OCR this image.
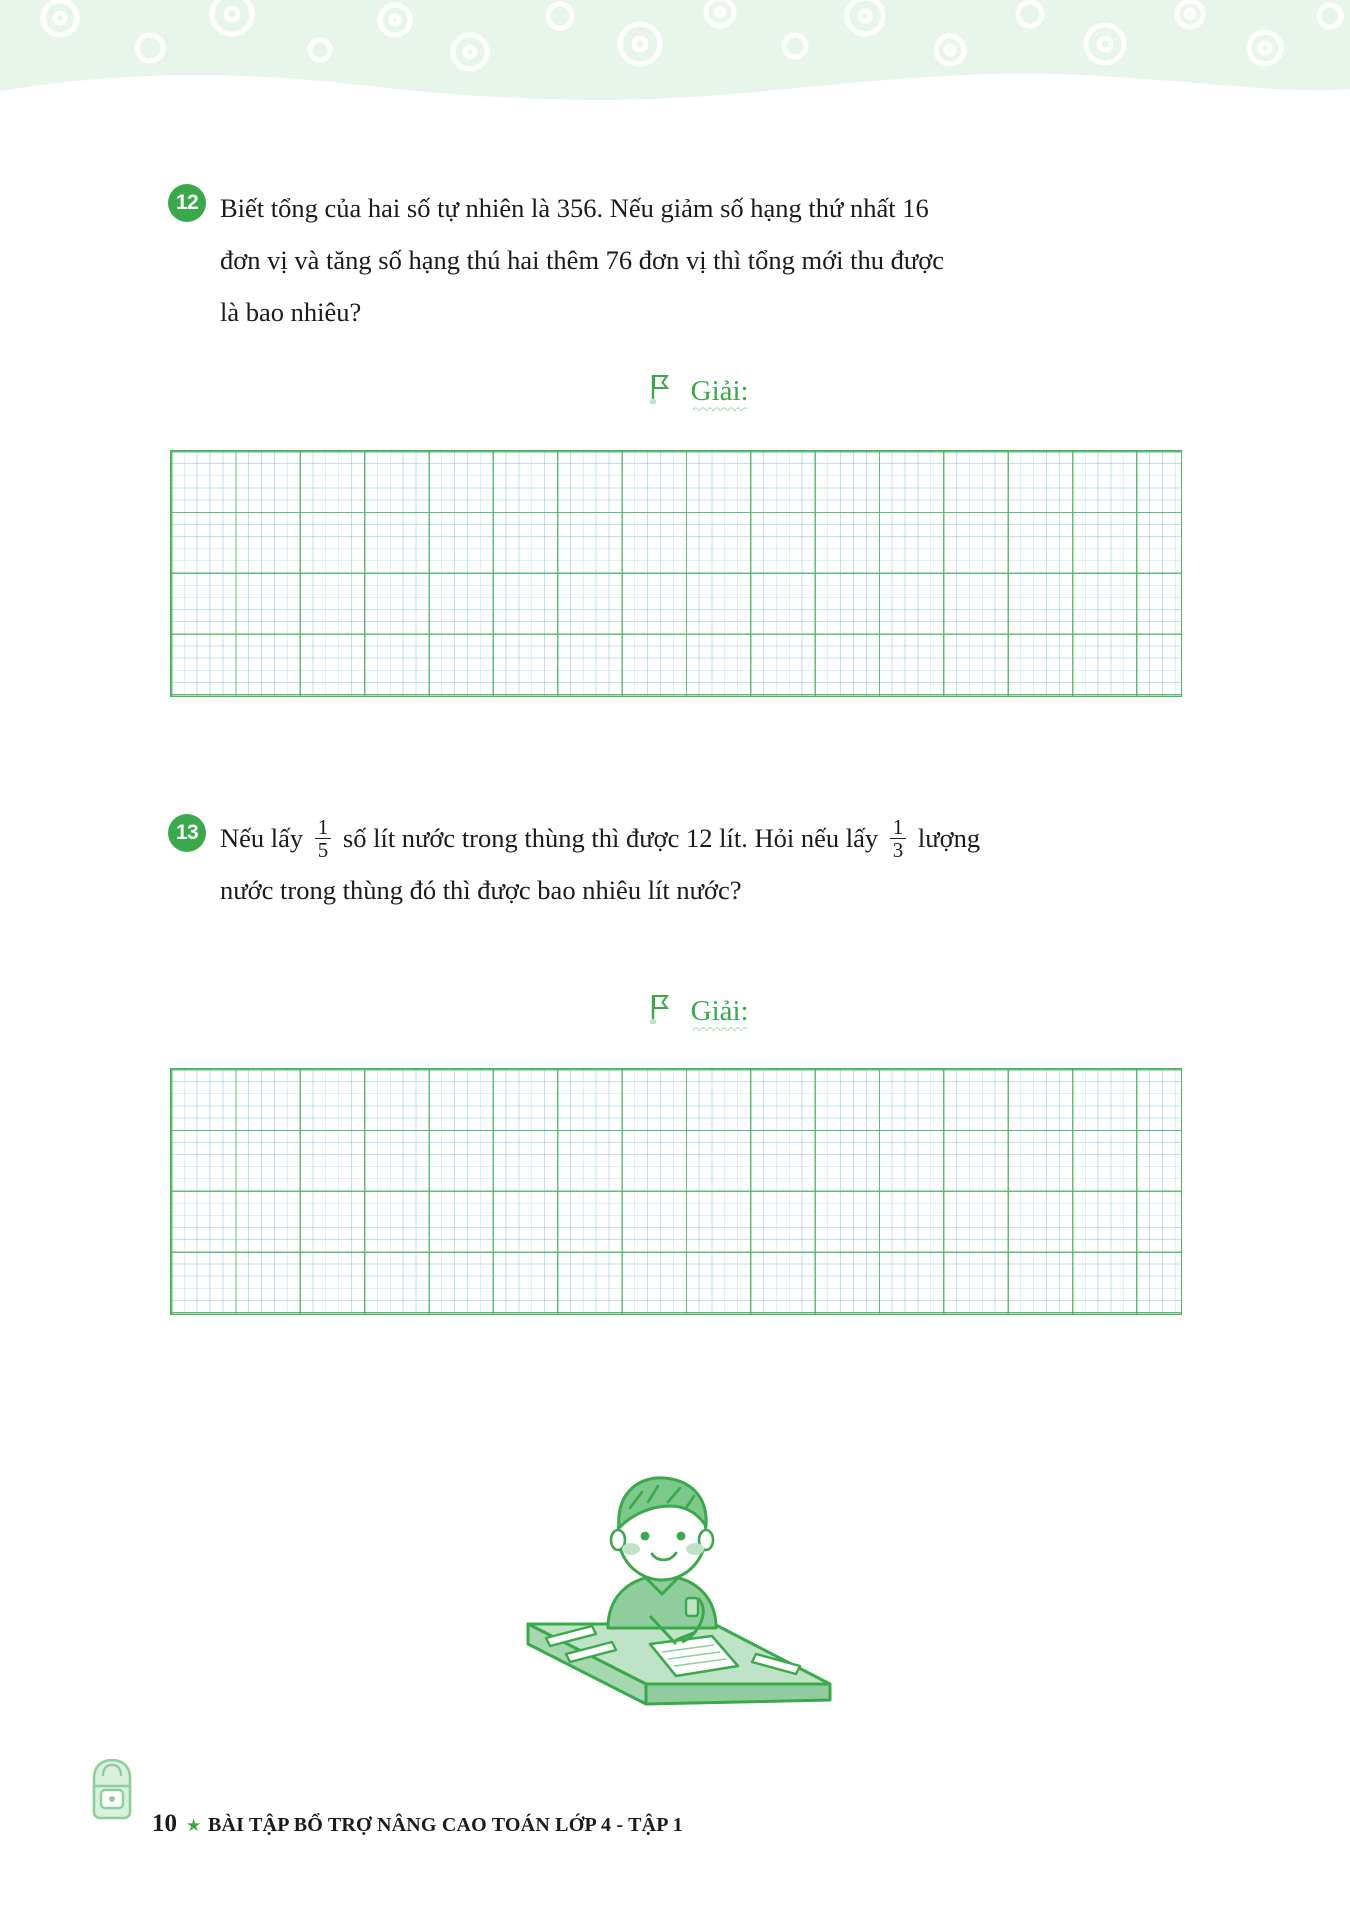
12 Biết tổng của hai số tự nhiên là 356. Nếu giảm số hạng thứ nhất 16
đơn vị và tăng số hạng thú hai thêm 76 đơn vị thì tổng mới thu được
là bao nhiêu?
Giải:
13 Nếu lấy $\frac{1}{5}$ số lít nước trong thùng thì được 12 lít. Hỏi nếu lấy $\frac{1}{3}$ lượng
nước trong thùng đó thì được bao nhiêu lít nước?
Giải:
10 ★ BÀI TẬP BỔ TRỢ NÂNG CAO TOÁN LỚP 4 - TẬP 1
